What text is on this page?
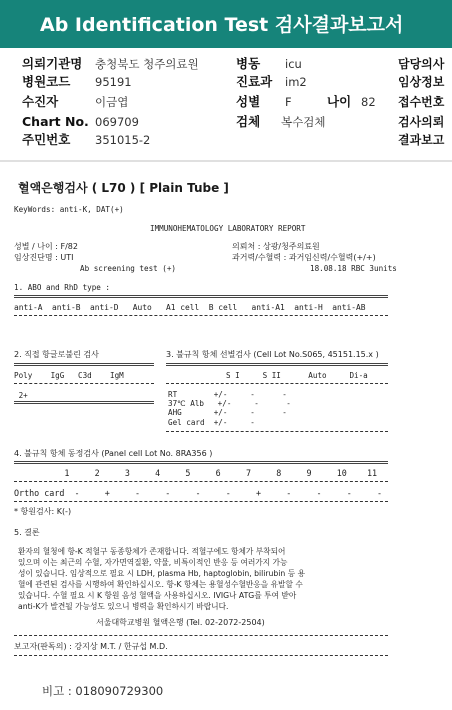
Ab Identification Test 검사결과보고서
의뢰기관명 충청북도 청주의료원	병동 icu	담당의사
병원코드 95191	진료과 im2	임상정보
수진자	이금엽	성별 F	나이 82 접수번호
Chart No. 069709	검체 복수검체	검사의뢰
주민번호 351015-2	결과보고
혈액은행검사 ( L70 ) [ Plain Tube ]
KeyWords: anti-K, DAT(+)
IMMUNOHEMATOLOGY LABORATORY REPORT
성별 / 나이 : F/82
임상진단명 : UTI
Ab screening test (+)
의뢰처 : 상광/청주의료원
과거력/수혈력 : 과거임신력/수혈력(+/+)
18.08.18 RBC 3units
1. ABO and RhD type :
anti-A  anti-B  anti-D   Auto   A1 cell  B cell   anti-A1  anti-H  anti-AB
2. 직접 항글로불린 검사
Poly    IgG   C3d    IgM
2+
3. 불규칙 항체 선별검사 (Cell Lot No.S065, 45151.15.x )
S I     S II      Auto     Di-a
RT        +/-     -      -
37℃ Alb   +/-     -      -
AHG       +/-     -      -
Gel card  +/-     -
4. 불규칙 항체 동정검사 (Panel cell Lot No. 8RA356 )
1     2     3     4     5     6     7     8     9     10    11
Ortho card  -     +     -     -     -     -     +     -     -     -     -
* 항원검사: K(-)
5. 결론
환자의 혈청에 항-K 적혈구 동종항체가 존재합니다. 적혈구에도 항체가 부착되어
있으며 이는 최근의 수혈, 자가면역질환, 약물, 비특이적인 반응 등 여러가지 가능
성이 있습니다. 임상적으로 필요 시 LDH, plasma Hb, haptoglobin, bilirubin 등 용
혈에 관련된 검사를 시행하여 확인하십시오. 항-K 항체는 용혈성수혈반응을 유발할 수
있습니다. 수혈 필요 시 K 항원 음성 혈액을 사용하십시오. IVIG나 ATG를 투여 받아
anti-K가 발견될 가능성도 있으니 병력을 확인하시기 바랍니다.
서울대학교병원 혈액은행 (Tel. 02-2072-2504)
보고자(판독의) : 강지상 M.T. / 한규섭 M.D.
비고 : 018090729300
